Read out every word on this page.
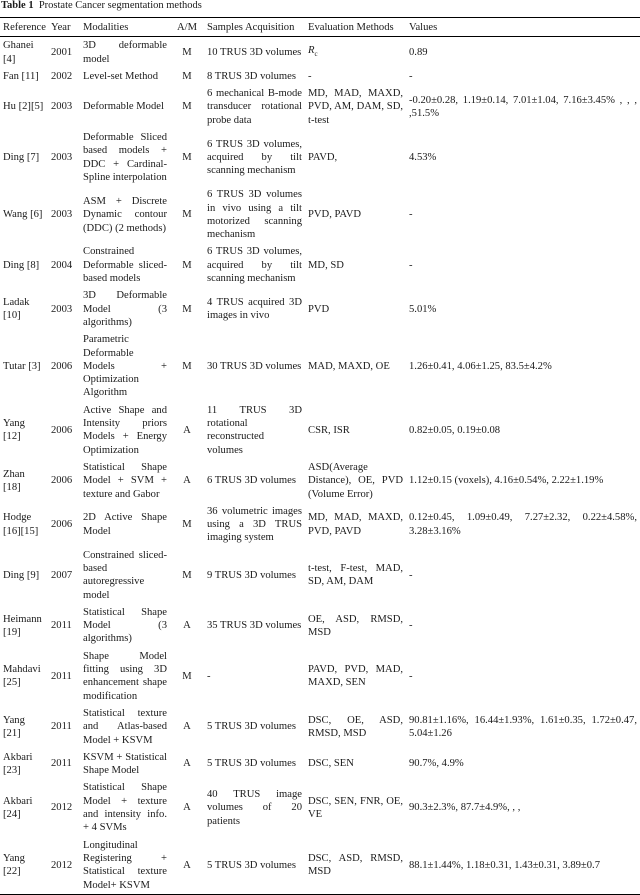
Table 1 Prostate Cancer segmentation methods
Reference	Year	Modalities	A/M	Samples Acquisition	Evaluation Methods	Values
Ghanei [4]	2001	3D deformable model	M	10 TRUS 3D volumes	$R_c$	0.89
Fan [11]	2002	Level-set Method	M	8 TRUS 3D volumes	-	-
Hu [2][5]	2003	Deformable Model	M	6 mechanical B-mode transducer rotational probe data	MD, MAD, MAXD, PVD, AM, DAM, SD, t-test	-0.20±0.28, 1.19±0.14, 7.01±1.04, 7.16±3.45% , , , ,51.5%
Ding [7]	2003	Deformable Sliced based models + DDC + Cardinal-Spline interpolation	M	6 TRUS 3D volumes, acquired by tilt scanning mechanism	PAVD,	4.53%
Wang [6]	2003	ASM + Discrete Dynamic contour (DDC) (2 methods)	M	6 TRUS 3D volumes in vivo using a tilt motorized scanning mechanism	PVD, PAVD	-
Ding [8]	2004	Constrained Deformable sliced-based models	M	6 TRUS 3D volumes, acquired by tilt scanning mechanism	MD, SD	-
Ladak [10]	2003	3D Deformable Model (3 algorithms)	M	4 TRUS acquired 3D images in vivo	PVD	5.01%
Tutar [3]	2006	Parametric Deformable Models + Optimization Algorithm	M	30 TRUS 3D volumes	MAD, MAXD, OE	1.26±0.41, 4.06±1.25, 83.5±4.2%
Yang [12]	2006	Active Shape and Intensity priors Models + Energy Optimization	A	11 TRUS 3D rotational reconstructed volumes	CSR, ISR	0.82±0.05, 0.19±0.08
Zhan [18]	2006	Statistical Shape Model + SVM + texture and Gabor	A	6 TRUS 3D volumes	ASD(Average Distance), OE, PVD (Volume Error)	1.12±0.15 (voxels), 4.16±0.54%, 2.22±1.19%
Hodge [16][15]	2006	2D Active Shape Model	M	36 volumetric images using a 3D TRUS imaging system	MD, MAD, MAXD, PVD, PAVD	0.12±0.45, 1.09±0.49, 7.27±2.32, 0.22±4.58%, 3.28±3.16%
Ding [9]	2007	Constrained sliced-based autoregressive model	M	9 TRUS 3D volumes	t-test, F-test, MAD, SD, AM, DAM	-
Heimann [19]	2011	Statistical Shape Model (3 algorithms)	A	35 TRUS 3D volumes	OE, ASD, RMSD, MSD	-
Mahdavi [25]	2011	Shape Model fitting using 3D enhancement shape modification	M	-	PAVD, PVD, MAD, MAXD, SEN	-
Yang [21]	2011	Statistical texture and Atlas-based Model + KSVM	A	5 TRUS 3D volumes	DSC, OE, ASD, RMSD, MSD	90.81±1.16%, 16.44±1.93%, 1.61±0.35, 1.72±0.47, 5.04±1.26
Akbari [23]	2011	KSVM + Statistical Shape Model	A	5 TRUS 3D volumes	DSC, SEN	90.7%, 4.9%
Akbari [24]	2012	Statistical Shape Model + texture and intensity info. + 4 SVMs	A	40 TRUS image volumes of 20 patients	DSC, SEN, FNR, OE, VE	90.3±2.3%, 87.7±4.9%, , ,
Yang [22]	2012	Longitudinal Registering + Statistical texture Model+ KSVM	A	5 TRUS 3D volumes	DSC, ASD, RMSD, MSD	88.1±1.44%, 1.18±0.31, 1.43±0.31, 3.89±0.7
